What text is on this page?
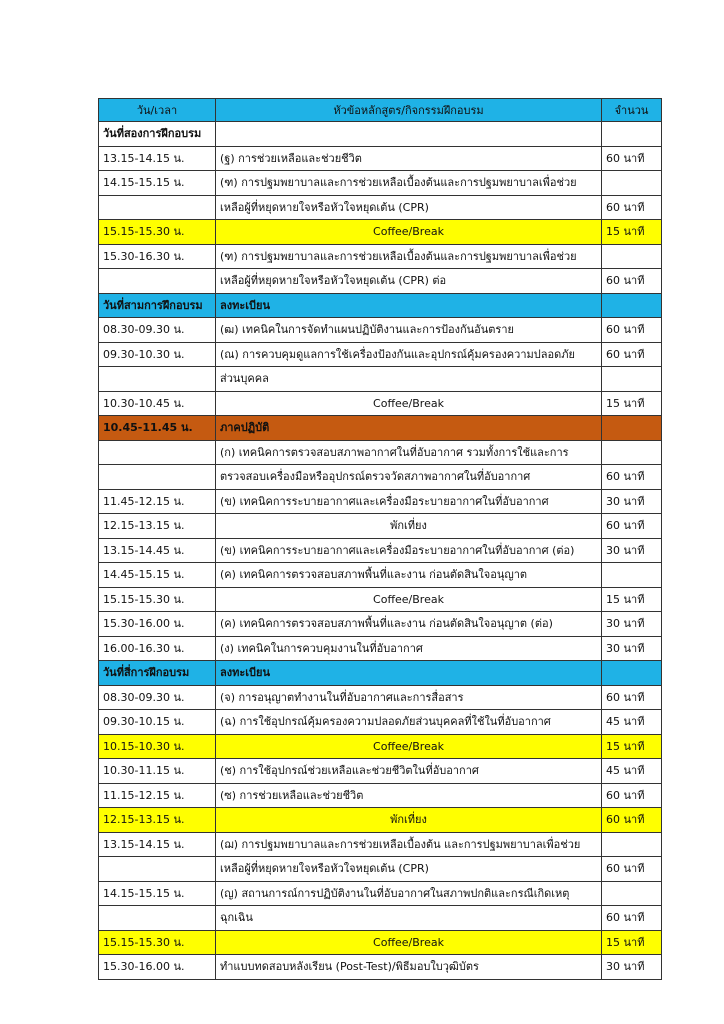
วัน/เวลา	หัวข้อหลักสูตร/กิจกรรมฝึกอบรม	จำนวน
วันที่สองการฝึกอบรม		
13.15-14.15 น.	(ฐ) การช่วยเหลือและช่วยชีวิต	60 นาที
14.15-15.15 น.	(ฑ) การปฐมพยาบาลและการช่วยเหลือเบื้องต้นและการปฐมพยาบาลเพื่อช่วย	
	เหลือผู้ที่หยุดหายใจหรือหัวใจหยุดเต้น (CPR)	60 นาที
15.15-15.30 น.	Coffee/Break	15 นาที
15.30-16.30 น.	(ฑ) การปฐมพยาบาลและการช่วยเหลือเบื้องต้นและการปฐมพยาบาลเพื่อช่วย	
	เหลือผู้ที่หยุดหายใจหรือหัวใจหยุดเต้น (CPR) ต่อ	60 นาที
วันที่สามการฝึกอบรม	ลงทะเบียน	
08.30-09.30 น.	(ฒ) เทคนิคในการจัดทำแผนปฏิบัติงานและการป้องกันอันตราย	60 นาที
09.30-10.30 น.	(ณ) การควบคุมดูแลการใช้เครื่องป้องกันและอุปกรณ์คุ้มครองความปลอดภัย	60 นาที
	ส่วนบุคคล	
10.30-10.45 น.	Coffee/Break	15 นาที
10.45-11.45 น.	ภาคปฏิบัติ	
	(ก) เทคนิคการตรวจสอบสภาพอากาศในที่อับอากาศ รวมทั้งการใช้และการ	
	ตรวจสอบเครื่องมือหรืออุปกรณ์ตรวจวัดสภาพอากาศในที่อับอากาศ	60 นาที
11.45-12.15 น.	(ข) เทคนิคการระบายอากาศและเครื่องมือระบายอากาศในที่อับอากาศ	30 นาที
12.15-13.15 น.	พักเที่ยง	60 นาที
13.15-14.45 น.	(ข) เทคนิคการระบายอากาศและเครื่องมือระบายอากาศในที่อับอากาศ (ต่อ)	30 นาที
14.45-15.15 น.	(ค) เทคนิคการตรวจสอบสภาพพื้นที่และงาน ก่อนตัดสินใจอนุญาต	
15.15-15.30 น.	Coffee/Break	15 นาที
15.30-16.00 น.	(ค) เทคนิคการตรวจสอบสภาพพื้นที่และงาน ก่อนตัดสินใจอนุญาต (ต่อ)	30 นาที
16.00-16.30 น.	(ง) เทคนิคในการควบคุมงานในที่อับอากาศ	30 นาที
วันที่สี่การฝึกอบรม	ลงทะเบียน	
08.30-09.30 น.	(จ) การอนุญาตทำงานในที่อับอากาศและการสื่อสาร	60 นาที
09.30-10.15 น.	(ฉ) การใช้อุปกรณ์คุ้มครองความปลอดภัยส่วนบุคคลที่ใช้ในที่อับอากาศ	45 นาที
10.15-10.30 น.	Coffee/Break	15 นาที
10.30-11.15 น.	(ช) การใช้อุปกรณ์ช่วยเหลือและช่วยชีวิตในที่อับอากาศ	45 นาที
11.15-12.15 น.	(ซ) การช่วยเหลือและช่วยชีวิต	60 นาที
12.15-13.15 น.	พักเที่ยง	60 นาที
13.15-14.15 น.	(ฌ) การปฐมพยาบาลและการช่วยเหลือเบื้องต้น และการปฐมพยาบาลเพื่อช่วย	
	เหลือผู้ที่หยุดหายใจหรือหัวใจหยุดเต้น (CPR)	60 นาที
14.15-15.15 น.	(ญ) สถานการณ์การปฏิบัติงานในที่อับอากาศในสภาพปกติและกรณีเกิดเหตุ	
	ฉุกเฉิน	60 นาที
15.15-15.30 น.	Coffee/Break	15 นาที
15.30-16.00 น.	ทำแบบทดสอบหลังเรียน (Post-Test)/พิธีมอบใบวุฒิบัตร	30 นาที
